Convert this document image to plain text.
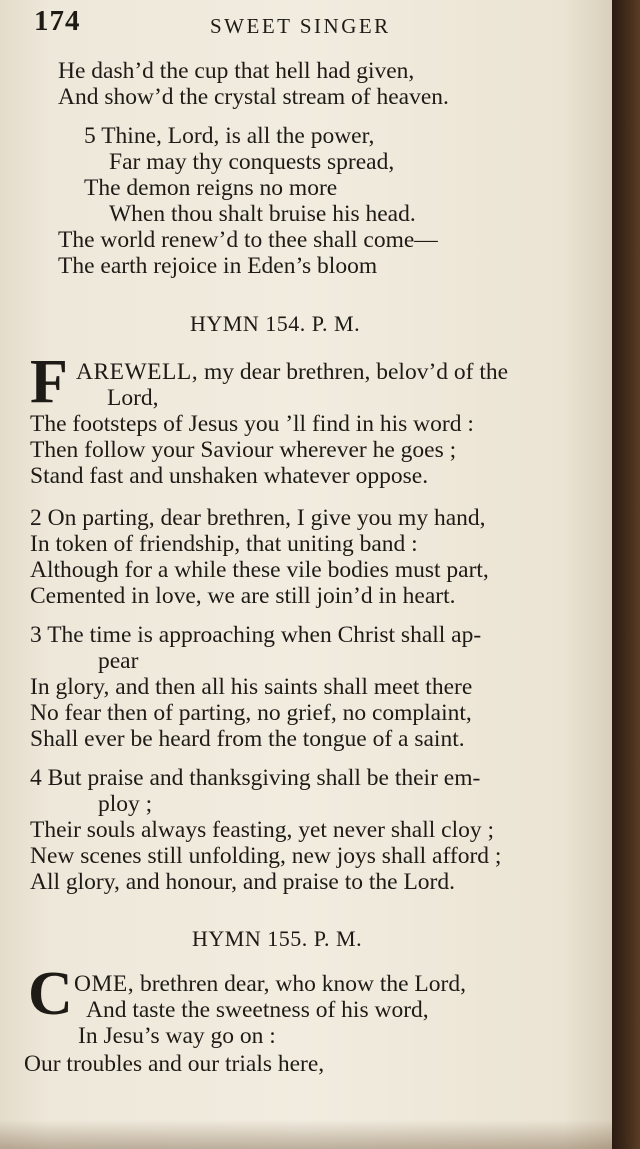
174	SWEET SINGER
He dash’d the cup that hell had given,
And show’d the crystal stream of heaven.
5 Thine, Lord, is all the power,
Far may thy conquests spread,
The demon reigns no more
When thou shalt bruise his head.
The world renew’d to thee shall come—
The earth rejoice in Eden’s bloom
HYMN 154. P. M.
F AREWELL, my dear brethren, belov’d of the
Lord,
The footsteps of Jesus you ’ll find in his word :
Then follow your Saviour wherever he goes ;
Stand fast and unshaken whatever oppose.
2 On parting, dear brethren, I give you my hand,
In token of friendship, that uniting band :
Although for a while these vile bodies must part,
Cemented in love, we are still join’d in heart.
3 The time is approaching when Christ shall ap-
pear
In glory, and then all his saints shall meet there
No fear then of parting, no grief, no complaint,
Shall ever be heard from the tongue of a saint.
4 But praise and thanksgiving shall be their em-
ploy ;
Their souls always feasting, yet never shall cloy ;
New scenes still unfolding, new joys shall afford ;
All glory, and honour, and praise to the Lord.
HYMN 155. P. M.
C OME, brethren dear, who know the Lord,
And taste the sweetness of his word,
In Jesu’s way go on :
Our troubles and our trials here,
